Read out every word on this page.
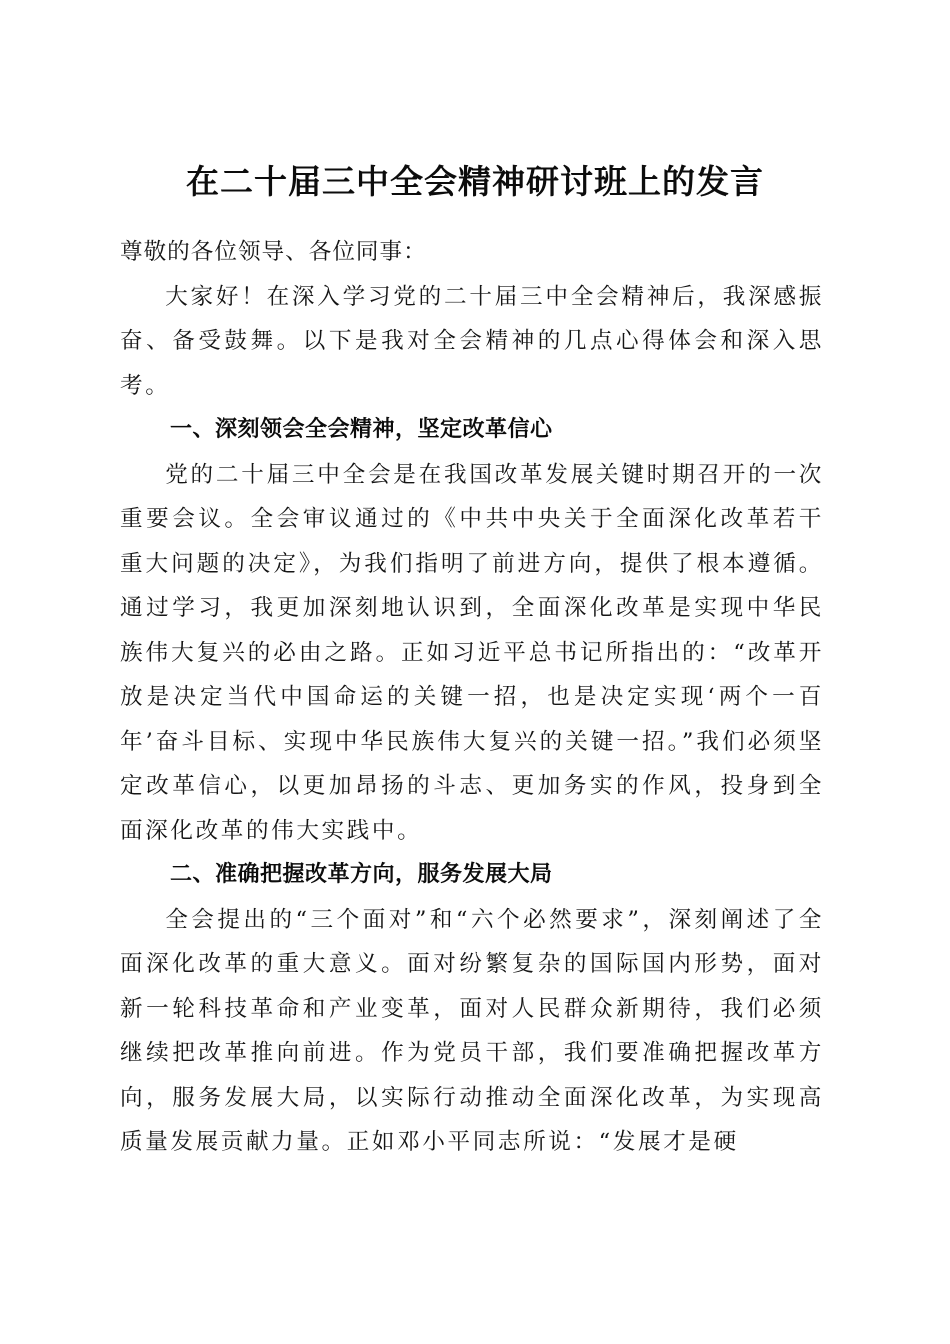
在二十届三中全会精神研讨班上的发言

尊敬的各位领导、各位同事：

大家好！在深入学习党的二十届三中全会精神后，我深感振奋、备受鼓舞。以下是我对全会精神的几点心得体会和深入思考。

一、深刻领会全会精神，坚定改革信心

党的二十届三中全会是在我国改革发展关键时期召开的一次重要会议。全会审议通过的《中共中央关于全面深化改革若干重大问题的决定》，为我们指明了前进方向，提供了根本遵循。通过学习，我更加深刻地认识到，全面深化改革是实现中华民族伟大复兴的必由之路。正如习近平总书记所指出的：“改革开放是决定当代中国命运的关键一招，也是决定实现‘两个一百年’奋斗目标、实现中华民族伟大复兴的关键一招。”我们必须坚定改革信心，以更加昂扬的斗志、更加务实的作风，投身到全面深化改革的伟大实践中。

二、准确把握改革方向，服务发展大局

全会提出的“三个面对”和“六个必然要求”，深刻阐述了全面深化改革的重大意义。面对纷繁复杂的国际国内形势，面对新一轮科技革命和产业变革，面对人民群众新期待，我们必须继续把改革推向前进。作为党员干部，我们要准确把握改革方向，服务发展大局，以实际行动推动全面深化改革，为实现高质量发展贡献力量。正如邓小平同志所说：“发展才是硬
